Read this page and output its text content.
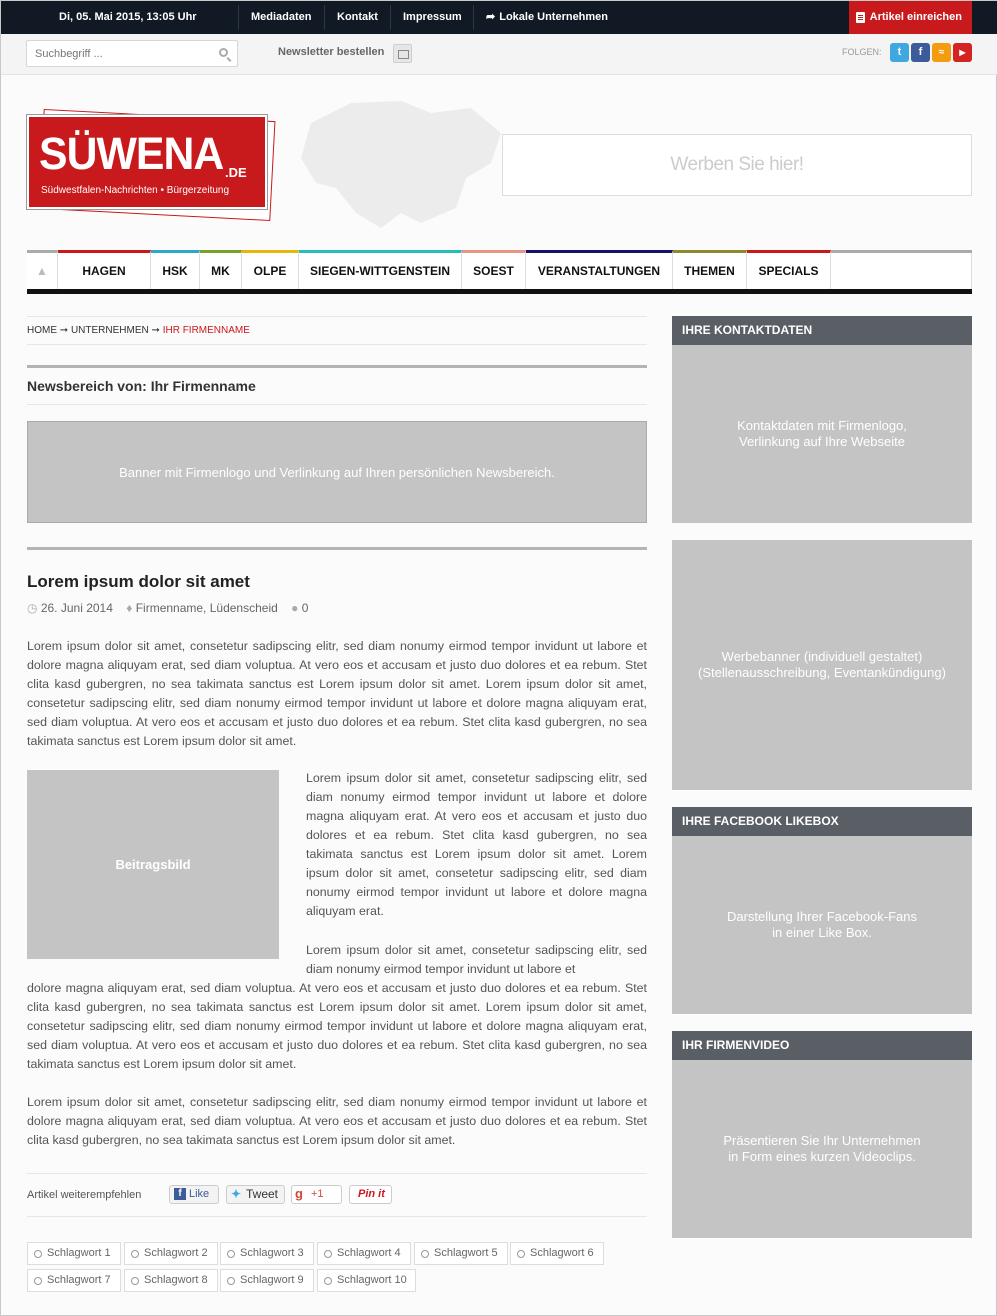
Di, 05. Mai 2015, 13:05 Uhr	Mediadaten Kontakt Impressum ➦ Lokale Unternehmen	Artikel einreichen
Suchbegriff ...
Newsletter bestellen	FOLGEN:	t	f	≈	▶
SÜWENA .DE
Südwestfalen-Nachrichten • Bürgerzeitung
Werben Sie hier!
▲	HAGEN	HSK	MK	OLPE	SIEGEN-WITTGENSTEIN	SOEST	VERANSTALTUNGEN	THEMEN	SPECIALS
HOME ➞ UNTERNEHMEN ➞ IHR FIRMENNAME
Newsbereich von: Ihr Firmenname
Banner mit Firmenlogo und Verlinkung auf Ihren persönlichen Newsbereich.
Lorem ipsum dolor sit amet
◷ 26. Juni 2014 ♦ Firmenname, Lüdenscheid ● 0
Lorem ipsum dolor sit amet, consetetur sadipscing elitr, sed diam nonumy eirmod tempor invidunt ut labore et dolore magna aliquyam erat, sed diam voluptua. At vero eos et accusam et justo duo dolores et ea rebum. Stet clita kasd gubergren, no sea takimata sanctus est Lorem ipsum dolor sit amet. Lorem ipsum dolor sit amet, consetetur sadipscing elitr, sed diam nonumy eirmod tempor invidunt ut labore et dolore magna aliquyam erat, sed diam voluptua. At vero eos et accusam et justo duo dolores et ea rebum. Stet clita kasd gubergren, no sea takimata sanctus est Lorem ipsum dolor sit amet.
Beitragsbild
Lorem ipsum dolor sit amet, consetetur sadipscing elitr, sed diam nonumy eirmod tempor invidunt ut labore et dolore magna aliquyam erat. At vero eos et accusam et justo duo dolores et ea rebum. Stet clita kasd gubergren, no sea takimata sanctus est Lorem ipsum dolor sit amet. Lorem ipsum dolor sit amet, consetetur sadipscing elitr, sed diam nonumy eirmod tempor invidunt ut labore et dolore magna aliquyam erat.
Lorem ipsum dolor sit amet, consetetur sadipscing elitr, sed diam nonumy eirmod tempor invidunt ut labore et
dolore magna aliquyam erat, sed diam voluptua. At vero eos et accusam et justo duo dolores et ea rebum. Stet clita kasd gubergren, no sea takimata sanctus est Lorem ipsum dolor sit amet. Lorem ipsum dolor sit amet, consetetur sadipscing elitr, sed diam nonumy eirmod tempor invidunt ut labore et dolore magna aliquyam erat, sed diam voluptua. At vero eos et accusam et justo duo dolores et ea rebum. Stet clita kasd gubergren, no sea takimata sanctus est Lorem ipsum dolor sit amet.
Lorem ipsum dolor sit amet, consetetur sadipscing elitr, sed diam nonumy eirmod tempor invidunt ut labore et dolore magna aliquyam erat, sed diam voluptua. At vero eos et accusam et justo duo dolores et ea rebum. Stet clita kasd gubergren, no sea takimata sanctus est Lorem ipsum dolor sit amet.
Artikel weiterempfehlen	f Like	✦ Tweet	g +1	Pin it
Schlagwort 1	Schlagwort 2	Schlagwort 3	Schlagwort 4	Schlagwort 5	Schlagwort 6
Schlagwort 7	Schlagwort 8	Schlagwort 9	Schlagwort 10
IHRE KONTAKTDATEN
Kontaktdaten mit Firmenlogo,
Verlinkung auf Ihre Webseite
Werbebanner (individuell gestaltet)
(Stellenausschreibung, Eventankündigung)
IHRE FACEBOOK LIKEBOX
Darstellung Ihrer Facebook-Fans
in einer Like Box.
IHR FIRMENVIDEO
Präsentieren Sie Ihr Unternehmen
in Form eines kurzen Videoclips.
